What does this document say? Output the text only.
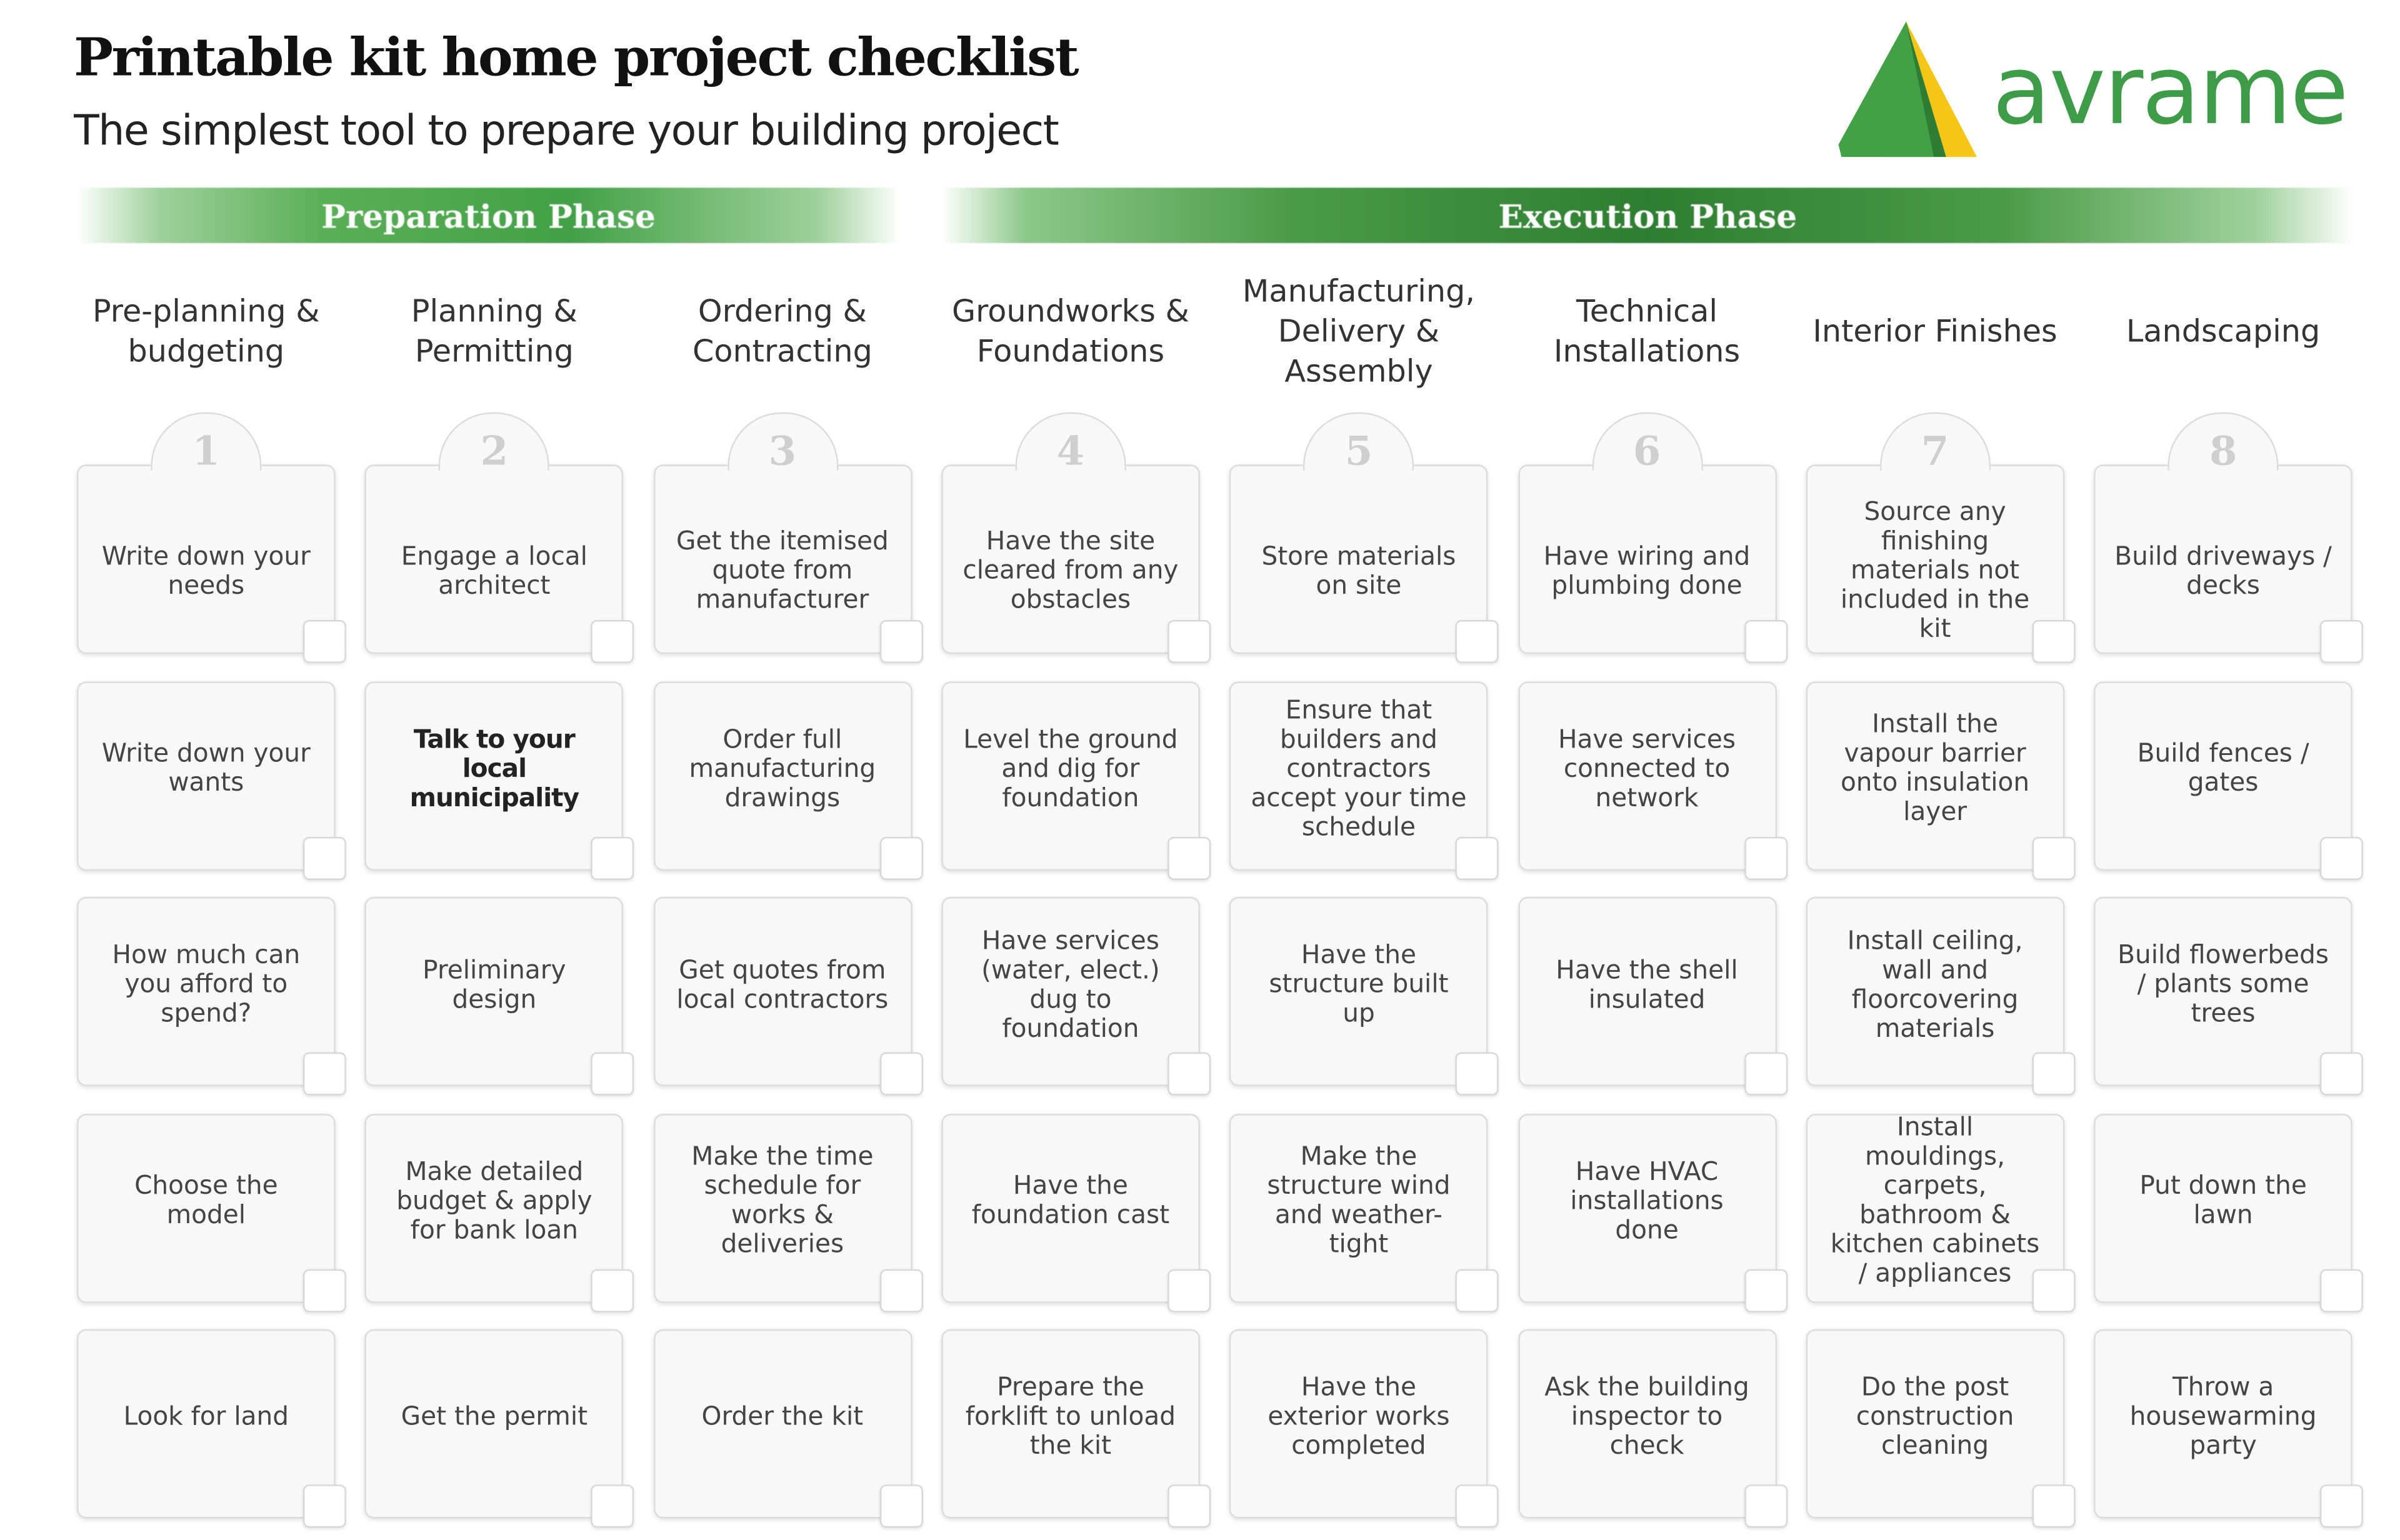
Printable kit home project checklist
The simplest tool to prepare your building project	avrame
Preparation Phase	Execution Phase
Pre-planning & budgeting
1
Write down your needs
Write down your wants
How much can you afford to spend?
Choose the model
Look for land
Planning & Permitting
2
Engage a local architect
Talk to your local municipality
Preliminary design
Make detailed budget & apply for bank loan
Get the permit
Ordering & Contracting
3
Get the itemised quote from manufacturer
Order full manufacturing drawings
Get quotes from local contractors
Make the time schedule for works & deliveries
Order the kit
Groundworks & Foundations
4
Have the site cleared from any obstacles
Level the ground and dig for foundation
Have services (water, elect.) dug to foundation
Have the foundation cast
Prepare the forklift to unload the kit
Manufacturing, Delivery & Assembly
5
Store materials on site
Ensure that builders and contractors accept your time schedule
Have the structure built up
Make the structure wind and weather-tight
Have the exterior works completed
Technical Installations
6
Have wiring and plumbing done
Have services connected to network
Have the shell insulated
Have HVAC installations done
Ask the building inspector to check
Interior Finishes
7
Source any finishing materials not included in the kit
Install the vapour barrier onto insulation layer
Install ceiling, wall and floorcovering materials
Install mouldings, carpets, bathroom & kitchen cabinets / appliances
Do the post construction cleaning
Landscaping
8
Build driveways / decks
Build fences / gates
Build flowerbeds / plants some trees
Put down the lawn
Throw a housewarming party
